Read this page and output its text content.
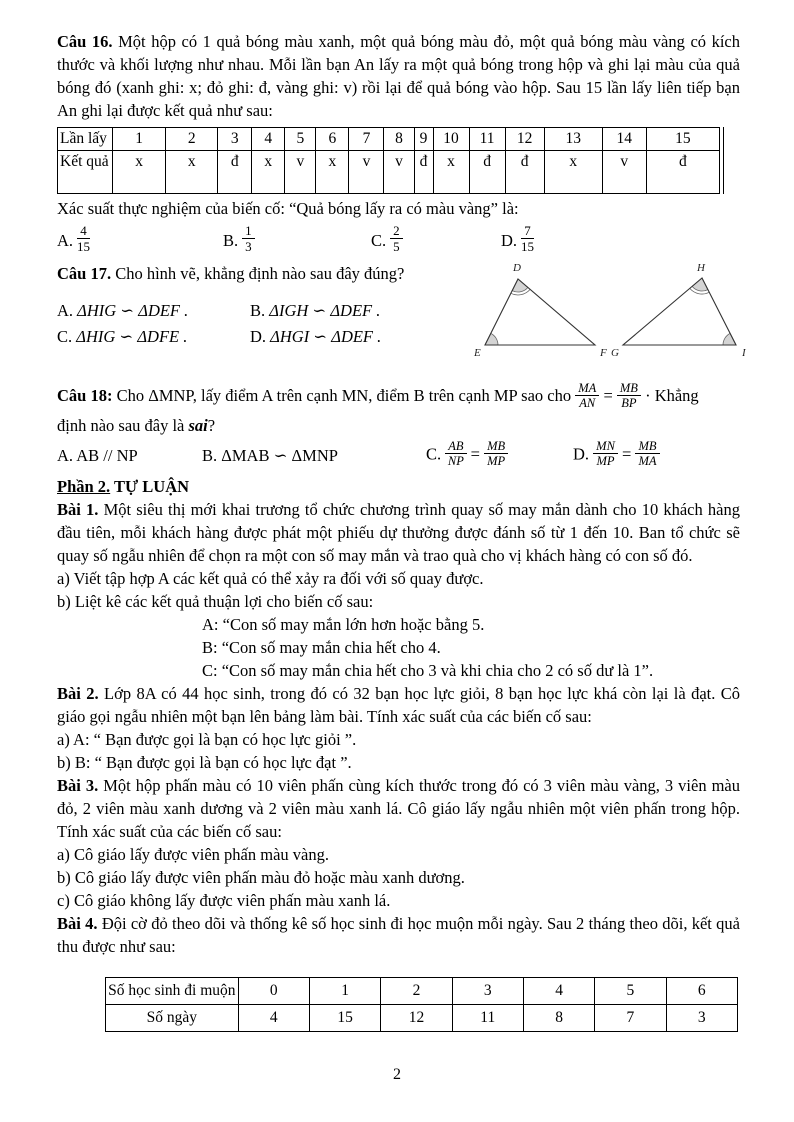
Câu 16. Một hộp có 1 quả bóng màu xanh, một quả bóng màu đỏ, một quả bóng màu vàng có kích thước và khối lượng như nhau. Mỗi lần bạn An lấy ra một quả bóng trong hộp và ghi lại màu của quả bóng đó (xanh ghi: x; đỏ ghi: đ, vàng ghi: v) rồi lại để quả bóng vào hộp. Sau 15 lần lấy liên tiếp bạn An ghi lại được kết quả như sau:

Lần lấy	1	2	3	4	5	6	7	8	9	10	11	12	13	14	15
Kết quả	x	x	đ	x	v	x	v	v	đ	x	đ	đ	x	v	đ

Xác suất thực nghiệm của biến cố: “Quả bóng lấy ra có màu vàng” là:

A. $\frac{4}{15}$	B. $\frac{1}{3}$	C. $\frac{2}{5}$	D. $\frac{7}{15}$

Câu 17. Cho hình vẽ, khẳng định nào sau đây đúng?

A. ΔHIG ∽ ΔDEF .	B. ΔIGH ∽ ΔDEF .
C. ΔHIG ∽ ΔDFE .	D. ΔHGI ∽ ΔDEF .
D
E	F G
H
I

Câu 18: Cho ΔMNP, lấy điểm A trên cạnh MN, điểm B trên cạnh MP sao cho $\frac{MA}{AN} = \frac{MB}{BP}$ · Khẳng

định nào sau đây là sai?

A. AB // NP	B. ΔMAB ∽ ΔMNP	C. $\frac{AB}{NP} = \frac{MB}{MP}$	D. $\frac{MN}{MP} = \frac{MB}{MA}$

Phần 2. TỰ LUẬN

Bài 1. Một siêu thị mới khai trương tổ chức chương trình quay số may mắn dành cho 10 khách hàng đầu tiên, mỗi khách hàng được phát một phiếu dự thưởng được đánh số từ 1 đến 10. Ban tổ chức sẽ quay số ngẫu nhiên để chọn ra một con số may mắn và trao quà cho vị khách hàng có con số đó.

a) Viết tập hợp A các kết quả có thể xảy ra đối với số quay được.

b) Liệt kê các kết quả thuận lợi cho biến cố sau:

A: “Con số may mắn lớn hơn hoặc bằng 5.

B: “Con số may mắn chia hết cho 4.

C: “Con số may mắn chia hết cho 3 và khi chia cho 2 có số dư là 1”.

Bài 2. Lớp 8A có 44 học sinh, trong đó có 32 bạn học lực giỏi, 8 bạn học lực khá còn lại là đạt. Cô giáo gọi ngẫu nhiên một bạn lên bảng làm bài. Tính xác suất của các biến cố sau:

a) A: “ Bạn được gọi là bạn có học lực giỏi ”.

b) B: “ Bạn được gọi là bạn có học lực đạt ”.

Bài 3. Một hộp phấn màu có 10 viên phấn cùng kích thước trong đó có 3 viên màu vàng, 3 viên màu đỏ, 2 viên màu xanh dương và 2 viên màu xanh lá. Cô giáo lấy ngẫu nhiên một viên phấn trong hộp. Tính xác suất của các biến cố sau:

a) Cô giáo lấy được viên phấn màu vàng.

b) Cô giáo lấy được viên phấn màu đỏ hoặc màu xanh dương.

c) Cô giáo không lấy được viên phấn màu xanh lá.

Bài 4. Đội cờ đỏ theo dõi và thống kê số học sinh đi học muộn mỗi ngày. Sau 2 tháng theo dõi, kết quả thu được như sau:

Số học sinh đi muộn	0	1	2	3	4	5	6
Số ngày	4	15	12	11	8	7	3
2
